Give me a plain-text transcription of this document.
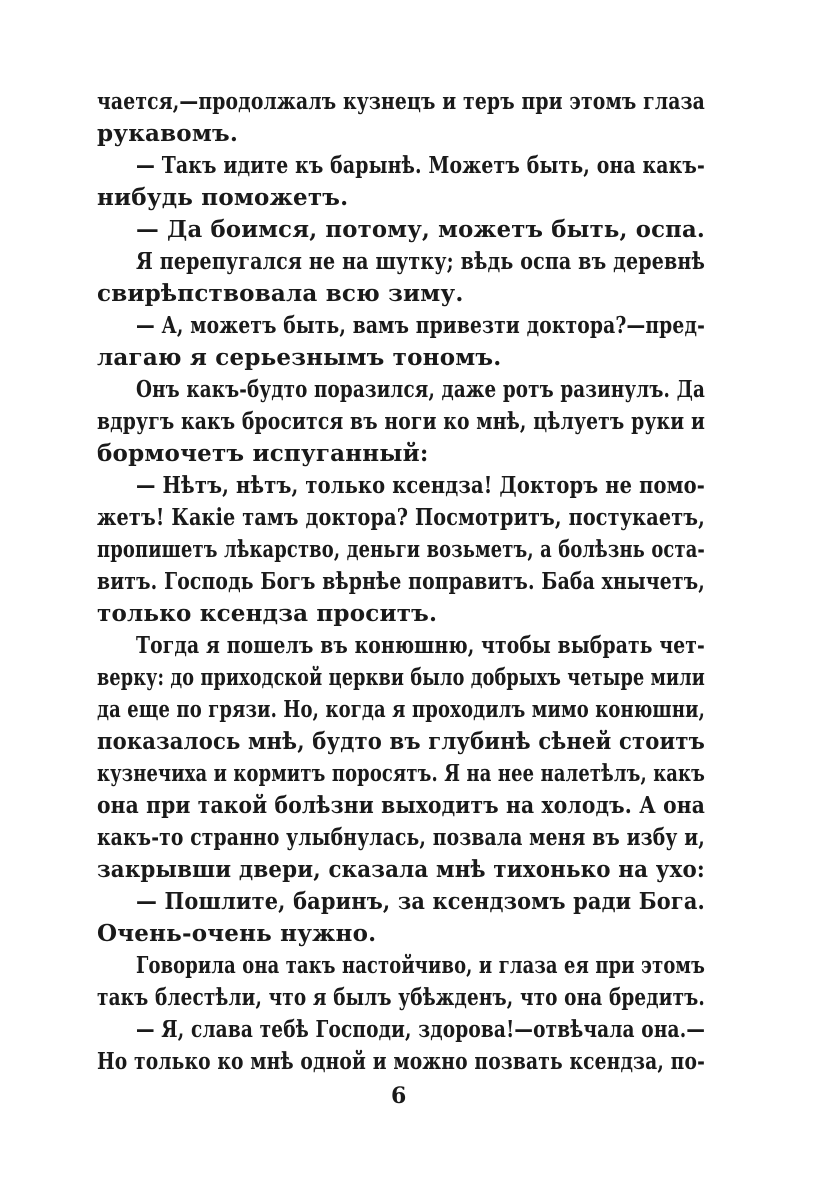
чается,—продолжалъ кузнецъ и теръ при этомъ глаза
рукавомъ.
— Такъ идите къ барынѣ. Можетъ быть, она какъ-
нибудь поможетъ.
— Да боимся, потому, можетъ быть, оспа.
Я перепугался не на шутку; вѣдь оспа въ деревнѣ
свирѣпствовала всю зиму.
— А, можетъ быть, вамъ привезти доктора?—пред-
лагаю я серьезнымъ тономъ.
Онъ какъ-будто поразился, даже ротъ разинулъ. Да
вдругъ какъ бросится въ ноги ко мнѣ, цѣлуетъ руки и
бормочетъ испуганный:
— Нѣтъ, нѣтъ, только ксендза! Докторъ не помо-
жетъ! Какіе тамъ доктора? Посмотритъ, постукаетъ,
пропишетъ лѣкарство, деньги возьметъ, а болѣзнь оста-
витъ. Господь Богъ вѣрнѣе поправитъ. Баба хнычетъ,
только ксендза проситъ.
Тогда я пошелъ въ конюшню, чтобы выбрать чет-
верку: до приходской церкви было добрыхъ четыре мили
да еще по грязи. Но, когда я проходилъ мимо конюшни,
показалось мнѣ, будто въ глубинѣ сѣней стоитъ
кузнечиха и кормитъ поросятъ. Я на нее налетѣлъ, какъ
она при такой болѣзни выходитъ на холодъ. А она
какъ-то странно улыбнулась, позвала меня въ избу и,
закрывши двери, сказала мнѣ тихонько на ухо:
— Пошлите, баринъ, за ксендзомъ ради Бога.
Очень-очень нужно.
Говорила она такъ настойчиво, и глаза ея при этомъ
такъ блестѣли, что я былъ убѣжденъ, что она бредитъ.
— Я, слава тебѣ Господи, здорова!—отвѣчала она.—
Но только ко мнѣ одной и можно позвать ксендза, по-
6
